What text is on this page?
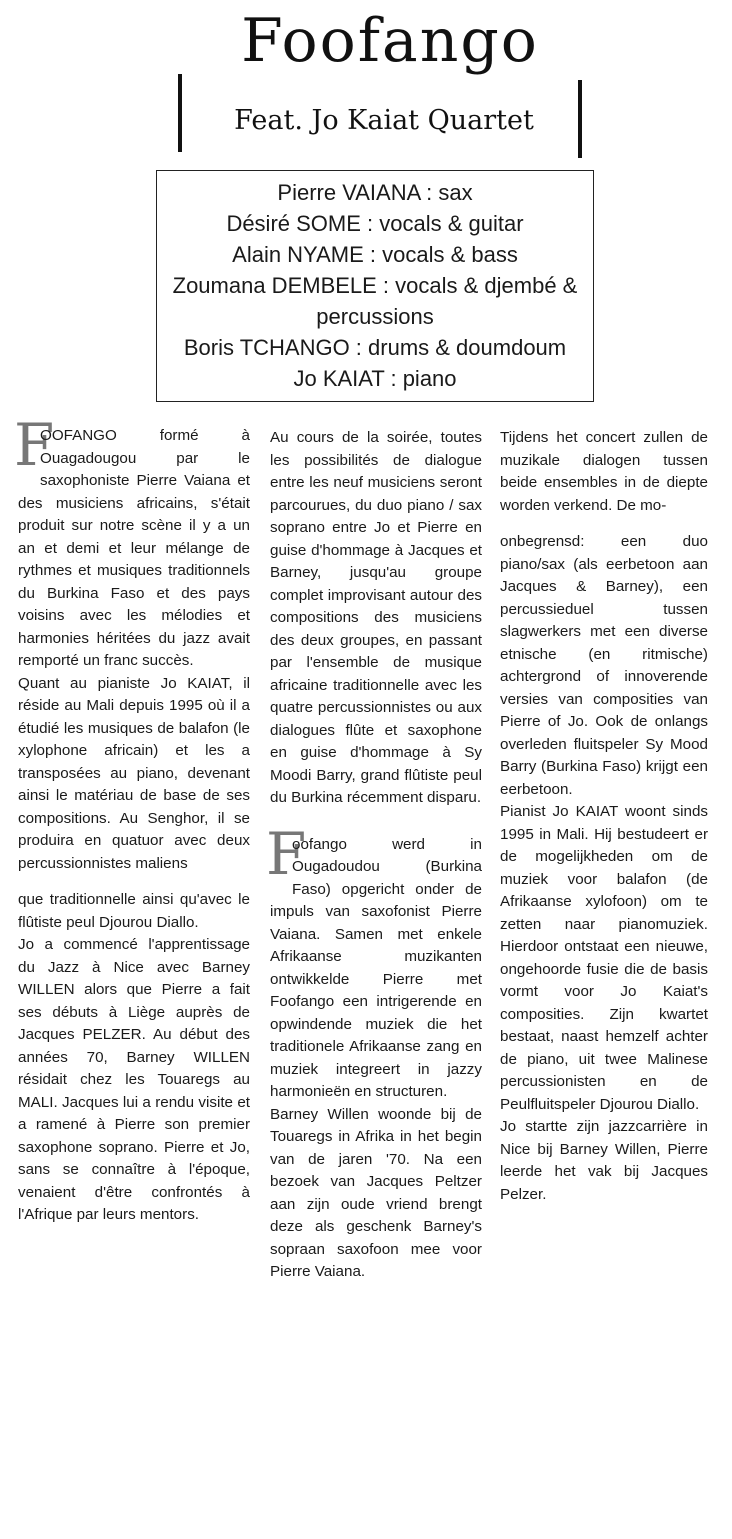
Foofango
Feat. Jo Kaiat Quartet
Pierre VAIANA : sax
Désiré SOME : vocals & guitar
Alain NYAME : vocals & bass
Zoumana DEMBELE : vocals & djembé &
percussions
Boris TCHANGO : drums & doumdoum
Jo KAIAT : piano
F

OOFANGO formé à Ouagadougou par le saxophoniste Pierre Vaiana et des musiciens africains, s'était produit sur notre scène il y a un an et demi et leur mélange de rythmes et musiques traditionnels du Burkina Faso et des pays voisins avec les mélodies et harmonies héritées du jazz avait remporté un franc succès.

Quant au pianiste Jo KAIAT, il réside au Mali depuis 1995 où il a étudié les musiques de balafon (le xylophone africain) et les a transposées au piano, devenant ainsi le matériau de base de ses compositions. Au Senghor, il se produira en quatuor avec deux percussionnistes maliens

que traditionnelle ainsi qu'avec le flûtiste peul Djourou Diallo.

Jo a commencé l'apprentissage du Jazz à Nice avec Barney WILLEN alors que Pierre a fait ses débuts à Liège auprès de Jacques PELZER. Au début des années 70, Barney WILLEN résidait chez les Touaregs au MALI. Jacques lui a rendu visite et a ramené à Pierre son premier saxophone soprano. Pierre et Jo, sans se connaître à l'époque, venaient d'être confrontés à l'Afrique par leurs mentors.

Au cours de la soirée, toutes les possibilités de dialogue entre les neuf musiciens seront parcourues, du duo piano / sax soprano entre Jo et Pierre en guise d'hommage à Jacques et Barney, jusqu'au groupe complet improvisant autour des compositions des musiciens des deux groupes, en passant par l'ensemble de musique africaine traditionnelle avec les quatre percussionnistes ou aux dialogues flûte et saxophone en guise d'hommage à Sy Moodi Barry, grand flûtiste peul du Burkina récemment disparu.

F

oofango werd in Ougadoudou (Burkina Faso) opgericht onder de impuls van saxofonist Pierre Vaiana. Samen met enkele Afrikaanse muzikanten ontwikkelde Pierre met Foofango een intrigerende en opwindende muziek die het traditionele Afrikaanse zang en muziek integreert in jazzy harmonieën en structuren.

Barney Willen woonde bij de Touaregs in Afrika in het begin van de jaren '70. Na een bezoek van Jacques Peltzer aan zijn oude vriend brengt deze als geschenk Barney's sopraan saxofoon mee voor Pierre Vaiana.

Tijdens het concert zullen de muzikale dialogen tussen beide ensembles in de diepte worden verkend. De mo-

onbegrensd: een duo piano/sax (als eerbetoon aan Jacques & Barney), een percussieduel tussen slagwerkers met een diverse etnische (en ritmische) achtergrond of innoverende versies van composities van Pierre of Jo. Ook de onlangs overleden fluitspeler Sy Mood Barry (Burkina Faso) krijgt een eerbetoon.

Pianist Jo KAIAT woont sinds 1995 in Mali. Hij bestudeert er de mogelijkheden om de muziek voor balafon (de Afrikaanse xylofoon) om te zetten naar pianomuziek. Hierdoor ontstaat een nieuwe, ongehoorde fusie die de basis vormt voor Jo Kaiat's composities. Zijn kwartet bestaat, naast hemzelf achter de piano, uit twee Malinese percussionisten en de Peulfluitspeler Djourou Diallo.

Jo startte zijn jazzcarrière in Nice bij Barney Willen, Pierre leerde het vak bij Jacques Pelzer.
